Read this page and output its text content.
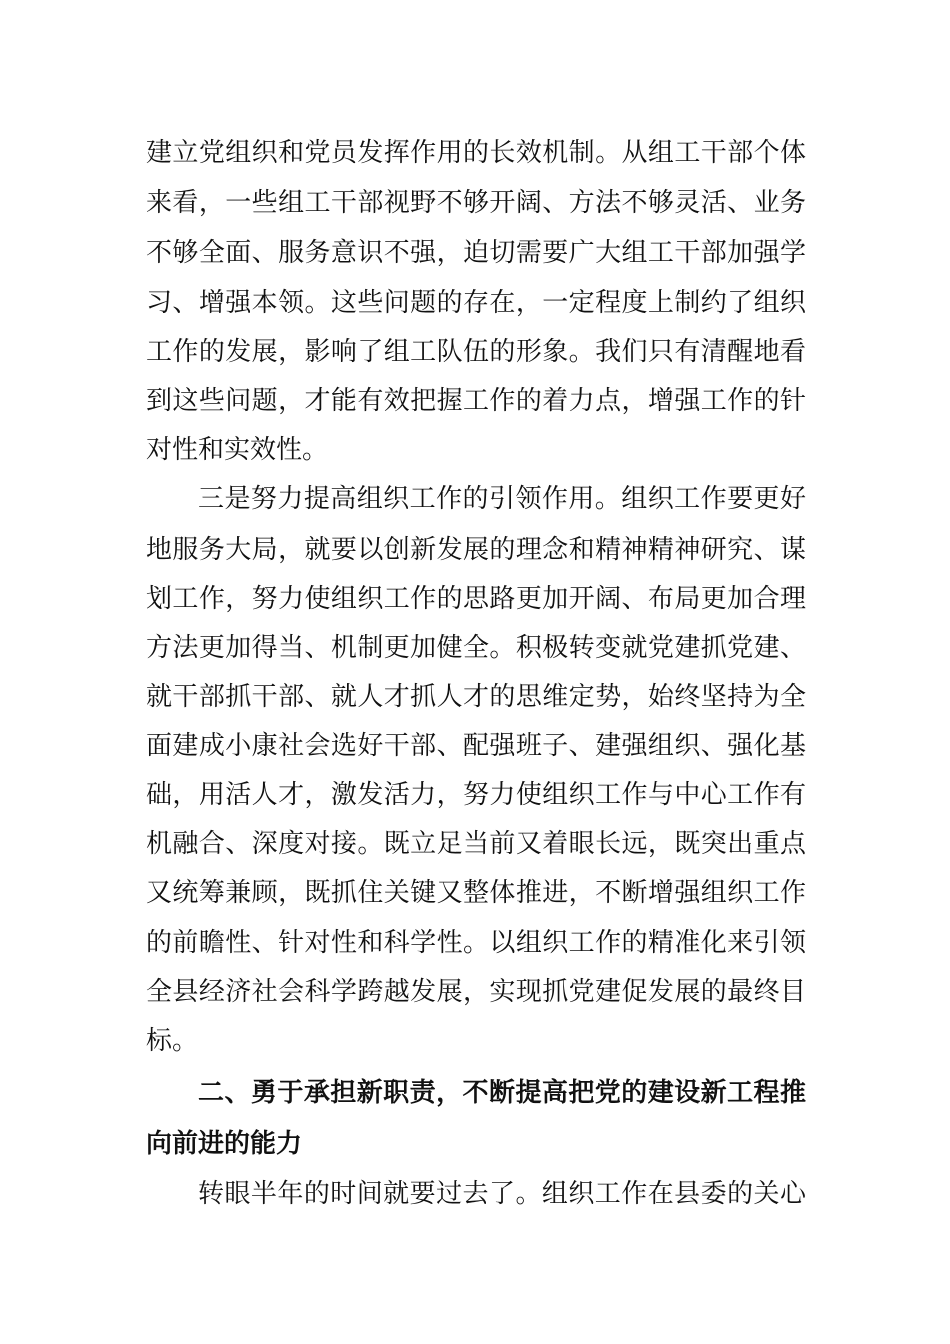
建立党组织和党员发挥作用的长效机制。从组工干部个体
来看，一些组工干部视野不够开阔、方法不够灵活、业务
不够全面、服务意识不强，迫切需要广大组工干部加强学
习、增强本领。这些问题的存在，一定程度上制约了组织
工作的发展，影响了组工队伍的形象。我们只有清醒地看
到这些问题，才能有效把握工作的着力点，增强工作的针
对性和实效性。
三是努力提高组织工作的引领作用。组织工作要更好
地服务大局，就要以创新发展的理念和精神精神研究、谋
划工作，努力使组织工作的思路更加开阔、布局更加合理
方法更加得当、机制更加健全。积极转变就党建抓党建、
就干部抓干部、就人才抓人才的思维定势，始终坚持为全
面建成小康社会选好干部、配强班子、建强组织、强化基
础，用活人才，激发活力，努力使组织工作与中心工作有
机融合、深度对接。既立足当前又着眼长远，既突出重点
又统筹兼顾，既抓住关键又整体推进，不断增强组织工作
的前瞻性、针对性和科学性。以组织工作的精准化来引领
全县经济社会科学跨越发展，实现抓党建促发展的最终目
标。
二、勇于承担新职责，不断提高把党的建设新工程推
向前进的能力
转眼半年的时间就要过去了。组织工作在县委的关心
